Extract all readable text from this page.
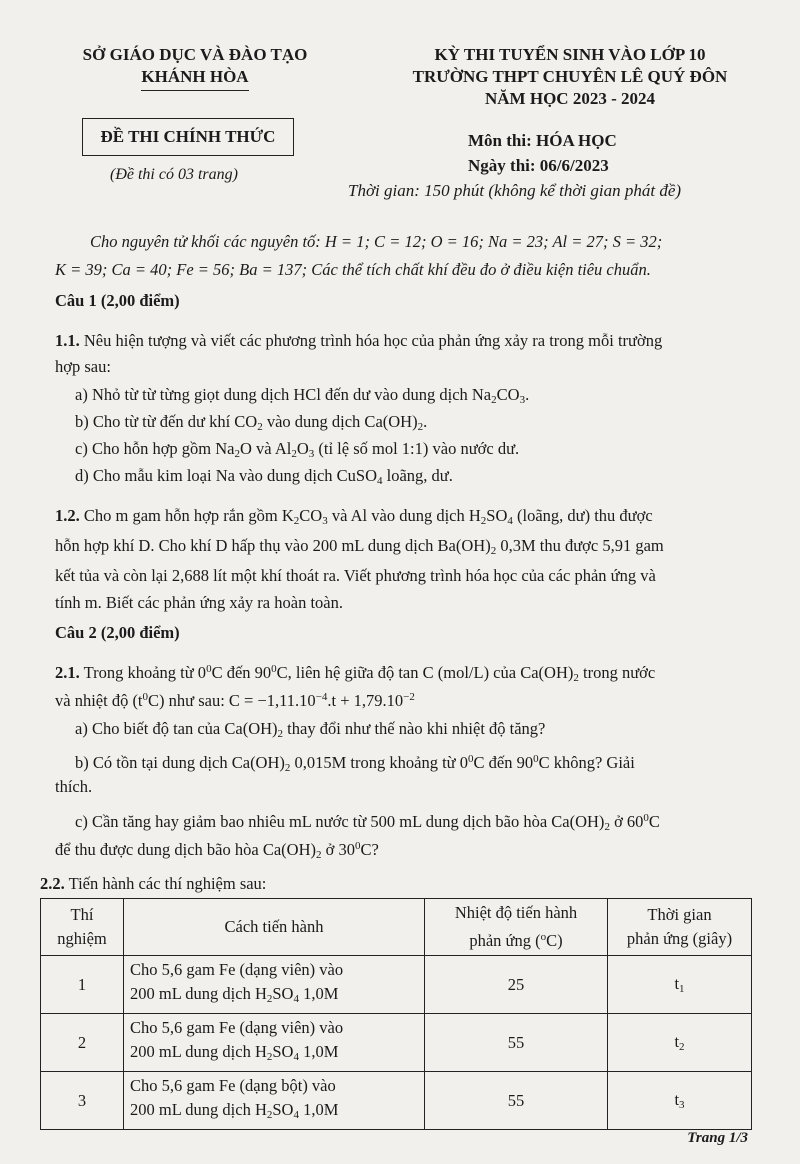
SỞ GIÁO DỤC VÀ ĐÀO TẠO
KHÁNH HÒA
KỲ THI TUYỂN SINH VÀO LỚP 10
TRƯỜNG THPT CHUYÊN LÊ QUÝ ĐÔN
NĂM HỌC 2023 - 2024
ĐỀ THI CHÍNH THỨC
(Đề thi có 03 trang)
Môn thi: HÓA HỌC
Ngày thi: 06/6/2023
Thời gian: 150 phút (không kể thời gian phát đề)
Cho nguyên tử khối các nguyên tố: H = 1; C = 12; O = 16; Na = 23; Al = 27; S = 32;
K = 39; Ca = 40; Fe = 56; Ba = 137; Các thể tích chất khí đều đo ở điều kiện tiêu chuẩn.
Câu 1 (2,00 điểm)
1.1. Nêu hiện tượng và viết các phương trình hóa học của phản ứng xảy ra trong mỗi trường
hợp sau:
a) Nhỏ từ từ từng giọt dung dịch HCl đến dư vào dung dịch $Na_2CO_3$.
b) Cho từ từ đến dư khí $CO_2$ vào dung dịch $Ca(OH)_2$.
c) Cho hỗn hợp gồm $Na_2O$ và $Al_2O_3$ (tỉ lệ số mol 1:1) vào nước dư.
d) Cho mẫu kim loại Na vào dung dịch CuSO$_4$ loãng, dư.
1.2. Cho m gam hỗn hợp rắn gồm $K_2CO_3$ và Al vào dung dịch $H_2SO_4$ (loãng, dư) thu được
hỗn hợp khí D. Cho khí D hấp thụ vào 200 mL dung dịch $Ba(OH)_2$ 0,3M thu được 5,91 gam
kết tủa và còn lại 2,688 lít một khí thoát ra. Viết phương trình hóa học của các phản ứng và
tính m. Biết các phản ứng xảy ra hoàn toàn.
Câu 2 (2,00 điểm)
2.1. Trong khoảng từ $0^0C$ đến $90^0C$, liên hệ giữa độ tan C (mol/L) của $Ca(OH)_2$ trong nước
và nhiệt độ $(t^0C)$ như sau: $C = -1,11.10^{-4}.t + 1,79.10^{-2}$
a) Cho biết độ tan của $Ca(OH)_2$ thay đổi như thế nào khi nhiệt độ tăng?
b) Có tồn tại dung dịch $Ca(OH)_2$ 0,015M trong khoảng từ $0^0C$ đến $90^0C$ không? Giải
thích.
c) Cần tăng hay giảm bao nhiêu mL nước từ 500 mL dung dịch bão hòa $Ca(OH)_2$ ở $60^0C$
để thu được dung dịch bão hòa $Ca(OH)_2$ ở $30^0C$?
2.2. Tiến hành các thí nghiệm sau:
Thí
nghiệm	Cách tiến hành	Nhiệt độ tiến hành
phản ứng ($^o$C)	Thời gian
phản ứng (giây)
1	Cho 5,6 gam Fe (dạng viên) vào
200 mL dung dịch $H_2SO_4$ 1,0M	25	$t_1$
2	Cho 5,6 gam Fe (dạng viên) vào
200 mL dung dịch $H_2SO_4$ 1,0M	55	$t_2$
3	Cho 5,6 gam Fe (dạng bột) vào
200 mL dung dịch $H_2SO_4$ 1,0M	55	$t_3$
Trang 1/3
